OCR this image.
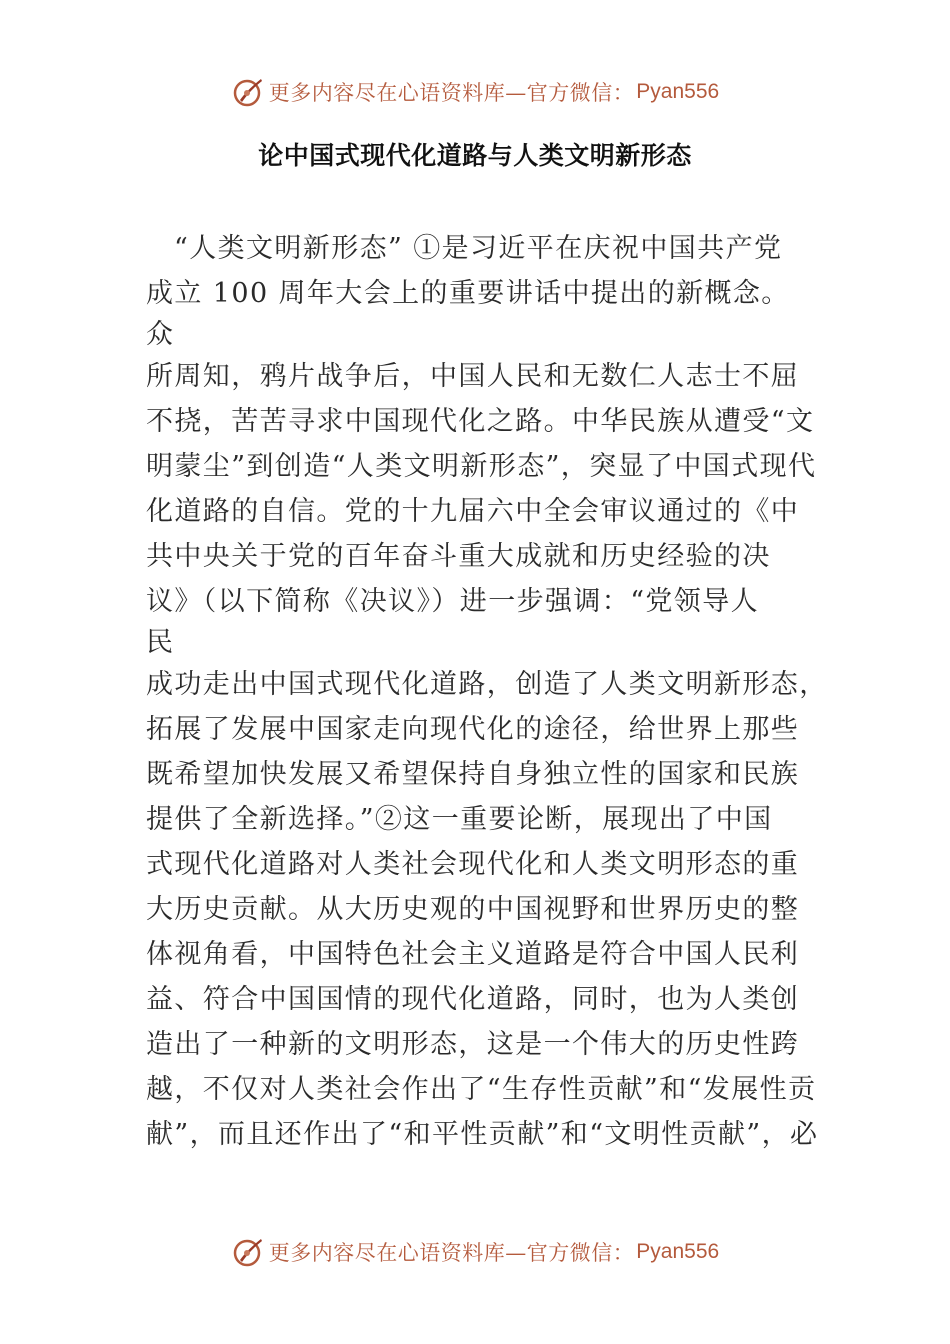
更多内容尽在心语资料库—官方微信： Pyan556
论中国式现代化道路与人类文明新形态
“人类文明新形态” ①是习近平在庆祝中国共产党
成立 100 周年大会上的重要讲话中提出的新概念。
众
所周知，鸦片战争后，中国人民和无数仁人志士不屈
不挠，苦苦寻求中国现代化之路。中华民族从遭受“文
明蒙尘”到创造“人类文明新形态”，突显了中国式现代
化道路的自信。党的十九届六中全会审议通过的《中
共中央关于党的百年奋斗重大成就和历史经验的决
议》（以下简称《决议》）进一步强调：“党领导人
民
成功走出中国式现代化道路，创造了人类文明新形态，
拓展了发展中国家走向现代化的途径，给世界上那些
既希望加快发展又希望保持自身独立性的国家和民族
提供了全新选择。”②这一重要论断，展现出了中国
式现代化道路对人类社会现代化和人类文明形态的重
大历史贡献。从大历史观的中国视野和世界历史的整
体视角看，中国特色社会主义道路是符合中国人民利
益、符合中国国情的现代化道路，同时，也为人类创
造出了一种新的文明形态，这是一个伟大的历史性跨
越，不仅对人类社会作出了“生存性贡献”和“发展性贡
献”，而且还作出了“和平性贡献”和“文明性贡献”，必
更多内容尽在心语资料库—官方微信： Pyan556
